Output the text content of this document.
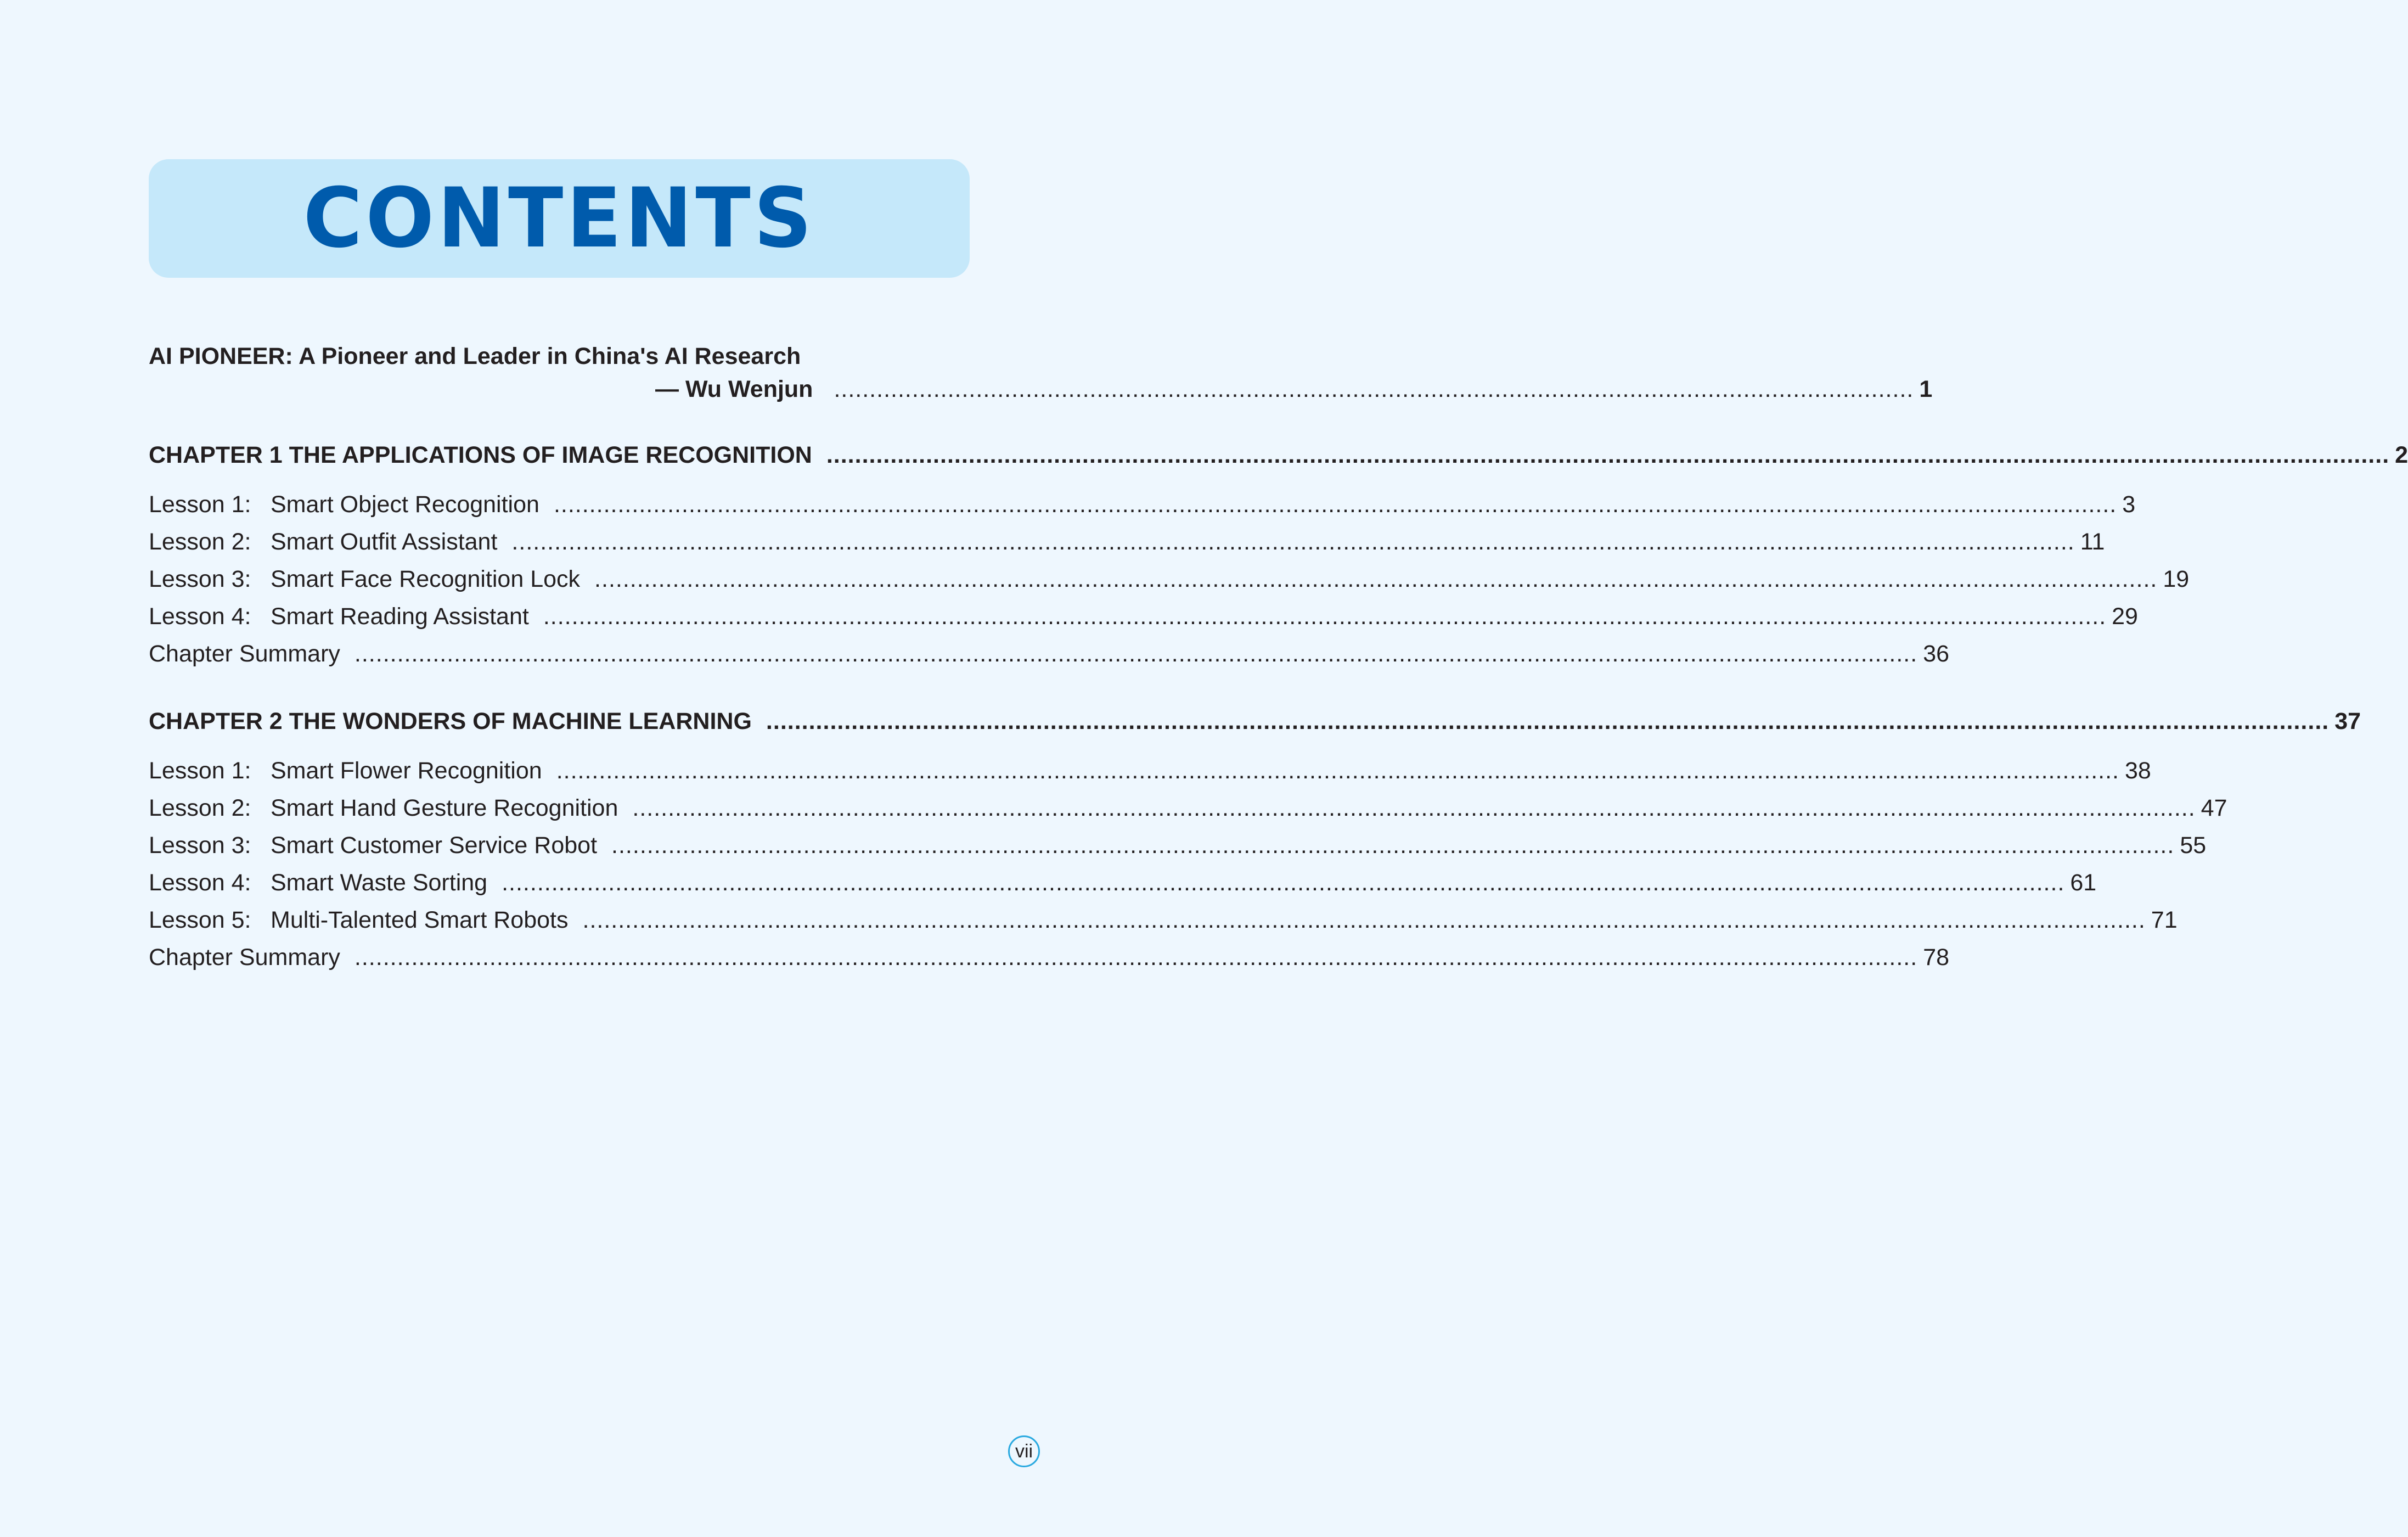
CONTENTS
AI PIONEER: A Pioneer and Leader in China's AI Research
— Wu Wenjun ........................................................................................................................................................ 1
CHAPTER 1 THE APPLICATIONS OF IMAGE RECOGNITION ............................................................................................................................................................................................................................ 2
Lesson 1: Smart Object Recognition ............................................................................................................................................................................................................................ 3
Lesson 2: Smart Outfit Assistant ............................................................................................................................................................................................................................ 11
Lesson 3: Smart Face Recognition Lock ............................................................................................................................................................................................................................ 19
Lesson 4: Smart Reading Assistant ............................................................................................................................................................................................................................ 29
Chapter Summary ............................................................................................................................................................................................................................ 36
CHAPTER 2 THE WONDERS OF MACHINE LEARNING ............................................................................................................................................................................................................................ 37
Lesson 1: Smart Flower Recognition ............................................................................................................................................................................................................................ 38
Lesson 2: Smart Hand Gesture Recognition ............................................................................................................................................................................................................................ 47
Lesson 3: Smart Customer Service Robot ............................................................................................................................................................................................................................ 55
Lesson 4: Smart Waste Sorting ............................................................................................................................................................................................................................ 61
Lesson 5: Multi-Talented Smart Robots ............................................................................................................................................................................................................................ 71
Chapter Summary ............................................................................................................................................................................................................................ 78
vii
